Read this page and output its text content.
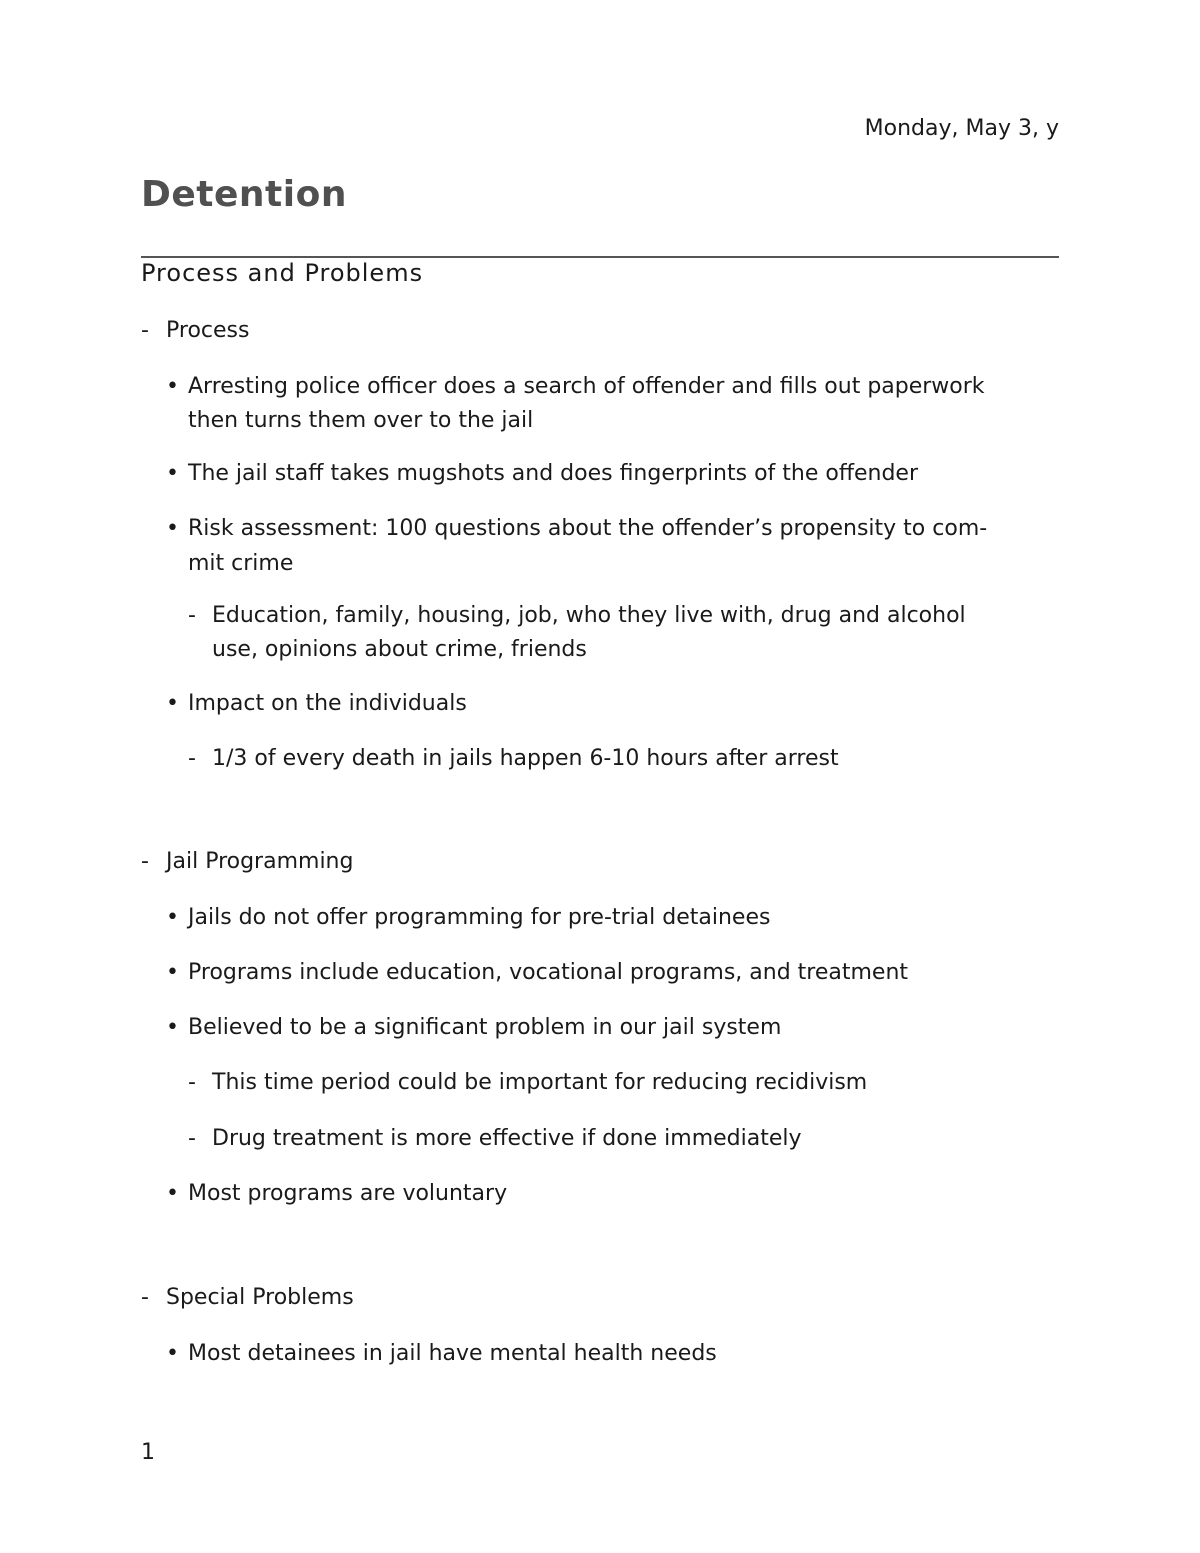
Monday, May 3, y
Detention
Process and Problems
- Process
• Arresting police officer does a search of offender and fills out paperwork
then turns them over to the jail
• The jail staff takes mugshots and does fingerprints of the offender
• Risk assessment: 100 questions about the offender’s propensity to com-
mit crime
- Education, family, housing, job, who they live with, drug and alcohol
use, opinions about crime, friends
• Impact on the individuals
- 1/3 of every death in jails happen 6-10 hours after arrest
- Jail Programming
• Jails do not offer programming for pre-trial detainees
• Programs include education, vocational programs, and treatment
• Believed to be a significant problem in our jail system
- This time period could be important for reducing recidivism
- Drug treatment is more effective if done immediately
• Most programs are voluntary
- Special Problems
• Most detainees in jail have mental health needs
1
